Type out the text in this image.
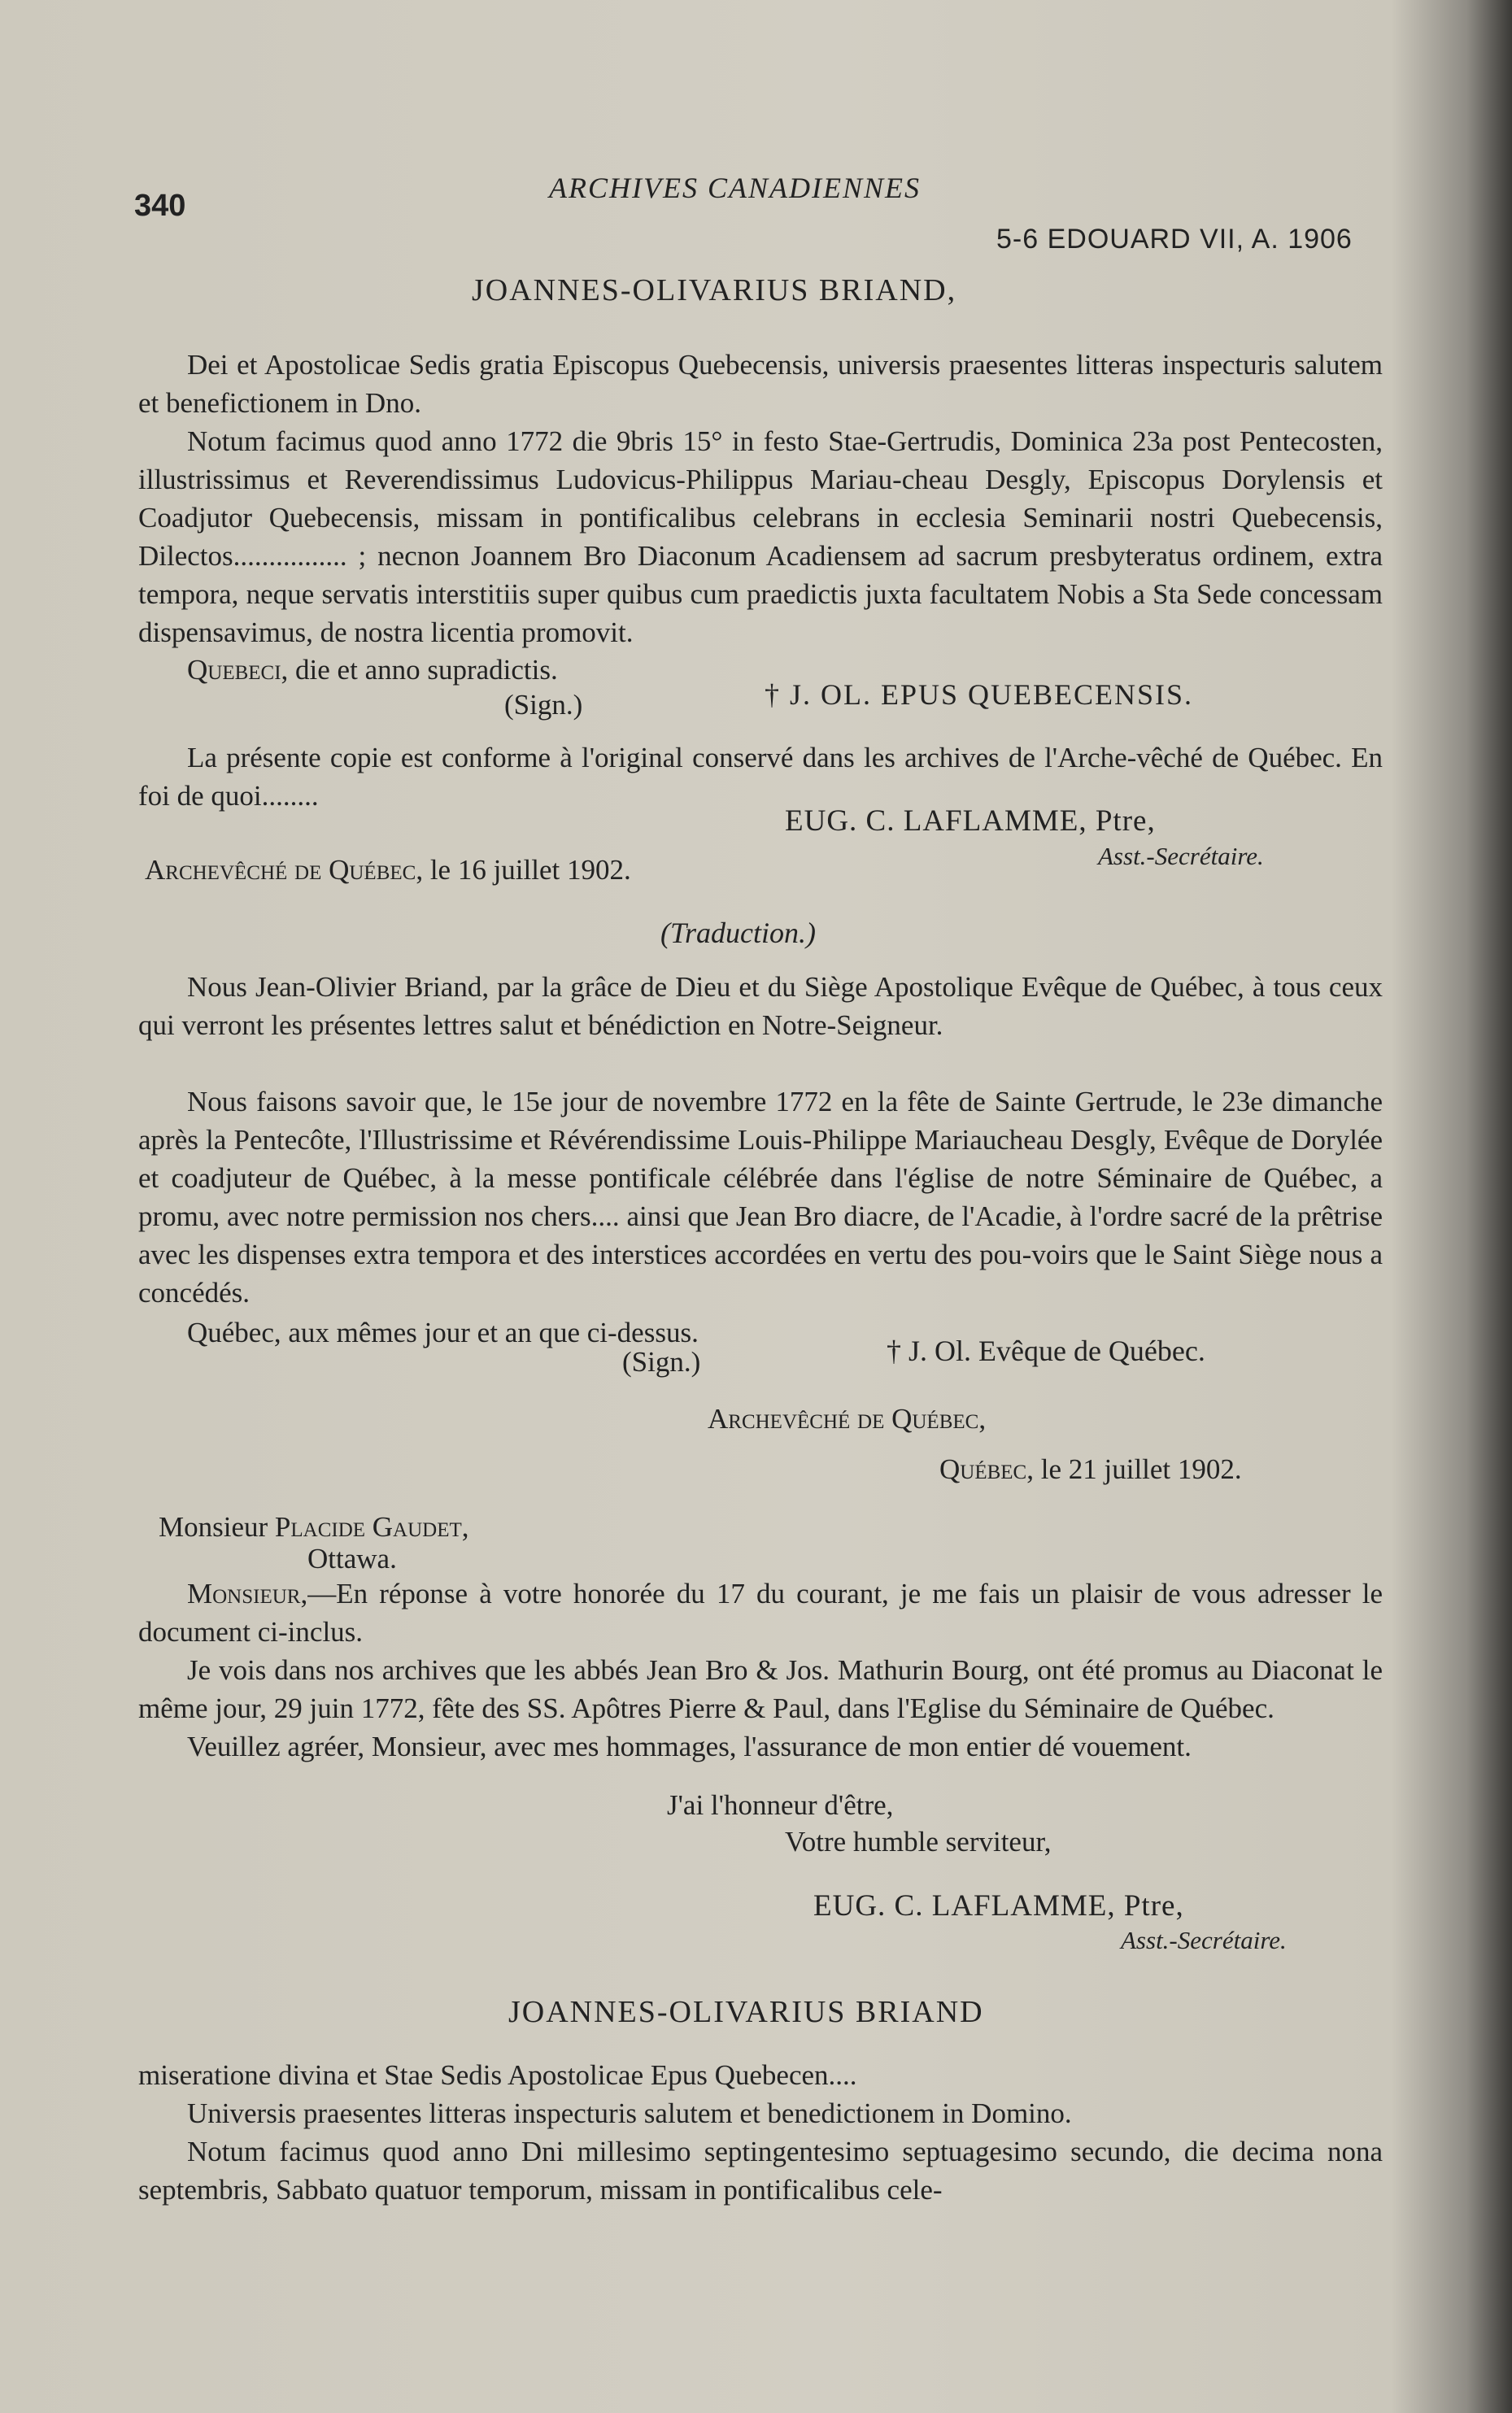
340
ARCHIVES CANADIENNES
5-6 EDOUARD VII, A. 1906
JOANNES-OLIVARIUS BRIAND,

Dei et Apostolicae Sedis gratia Episcopus Quebecensis, universis praesentes litteras inspecturis salutem et benefictionem in Dno.

Notum facimus quod anno 1772 die 9bris 15° in festo Stae-Gertrudis, Dominica 23a post Pentecosten, illustrissimus et Reverendissimus Ludovicus-Philippus Mariau-cheau Desgly, Episcopus Dorylensis et Coadjutor Quebecensis, missam in pontificalibus celebrans in ecclesia Seminarii nostri Quebecensis, Dilectos................ ; necnon Joannem Bro Diaconum Acadiensem ad sacrum presbyteratus ordinem, extra tempora, neque servatis interstitiis super quibus cum praedictis juxta facultatem Nobis a Sta Sede concessam dispensavimus, de nostra licentia promovit.

Quebeci, die et anno supradictis.
(Sign.)	† J. OL. EPUS QUEBECENSIS.

La présente copie est conforme à l'original conservé dans les archives de l'Arche-vêché de Québec. En foi de quoi........

EUG. C. LAFLAMME, Ptre,
Asst.-Secrétaire.
Archevêché de Québec, le 16 juillet 1902.
(Traduction.)

Nous Jean-Olivier Briand, par la grâce de Dieu et du Siège Apostolique Evêque de Québec, à tous ceux qui verront les présentes lettres salut et bénédiction en Notre-Seigneur.

Nous faisons savoir que, le 15e jour de novembre 1772 en la fête de Sainte Gertrude, le 23e dimanche après la Pentecôte, l'Illustrissime et Révérendissime Louis-Philippe Mariaucheau Desgly, Evêque de Dorylée et coadjuteur de Québec, à la messe pontificale célébrée dans l'église de notre Séminaire de Québec, a promu, avec notre permission nos chers.... ainsi que Jean Bro diacre, de l'Acadie, à l'ordre sacré de la prêtrise avec les dispenses extra tempora et des interstices accordées en vertu des pou-voirs que le Saint Siège nous a concédés.

Québec, aux mêmes jour et an que ci-dessus.
(Sign.)	† J. Ol. Evêque de Québec.
Archevêché de Québec,
Québec, le 21 juillet 1902.
Monsieur Placide Gaudet,
Ottawa.

Monsieur,—En réponse à votre honorée du 17 du courant, je me fais un plaisir de vous adresser le document ci-inclus.

Je vois dans nos archives que les abbés Jean Bro & Jos. Mathurin Bourg, ont été promus au Diaconat le même jour, 29 juin 1772, fête des SS. Apôtres Pierre & Paul, dans l'Eglise du Séminaire de Québec.

Veuillez agréer, Monsieur, avec mes hommages, l'assurance de mon entier dé vouement.

J'ai l'honneur d'être,
Votre humble serviteur,
EUG. C. LAFLAMME, Ptre,
Asst.-Secrétaire.
JOANNES-OLIVARIUS BRIAND

miseratione divina et Stae Sedis Apostolicae Epus Quebecen....

Universis praesentes litteras inspecturis salutem et benedictionem in Domino.

Notum facimus quod anno Dni millesimo septingentesimo septuagesimo secundo, die decima nona septembris, Sabbato quatuor temporum, missam in pontificalibus cele-
